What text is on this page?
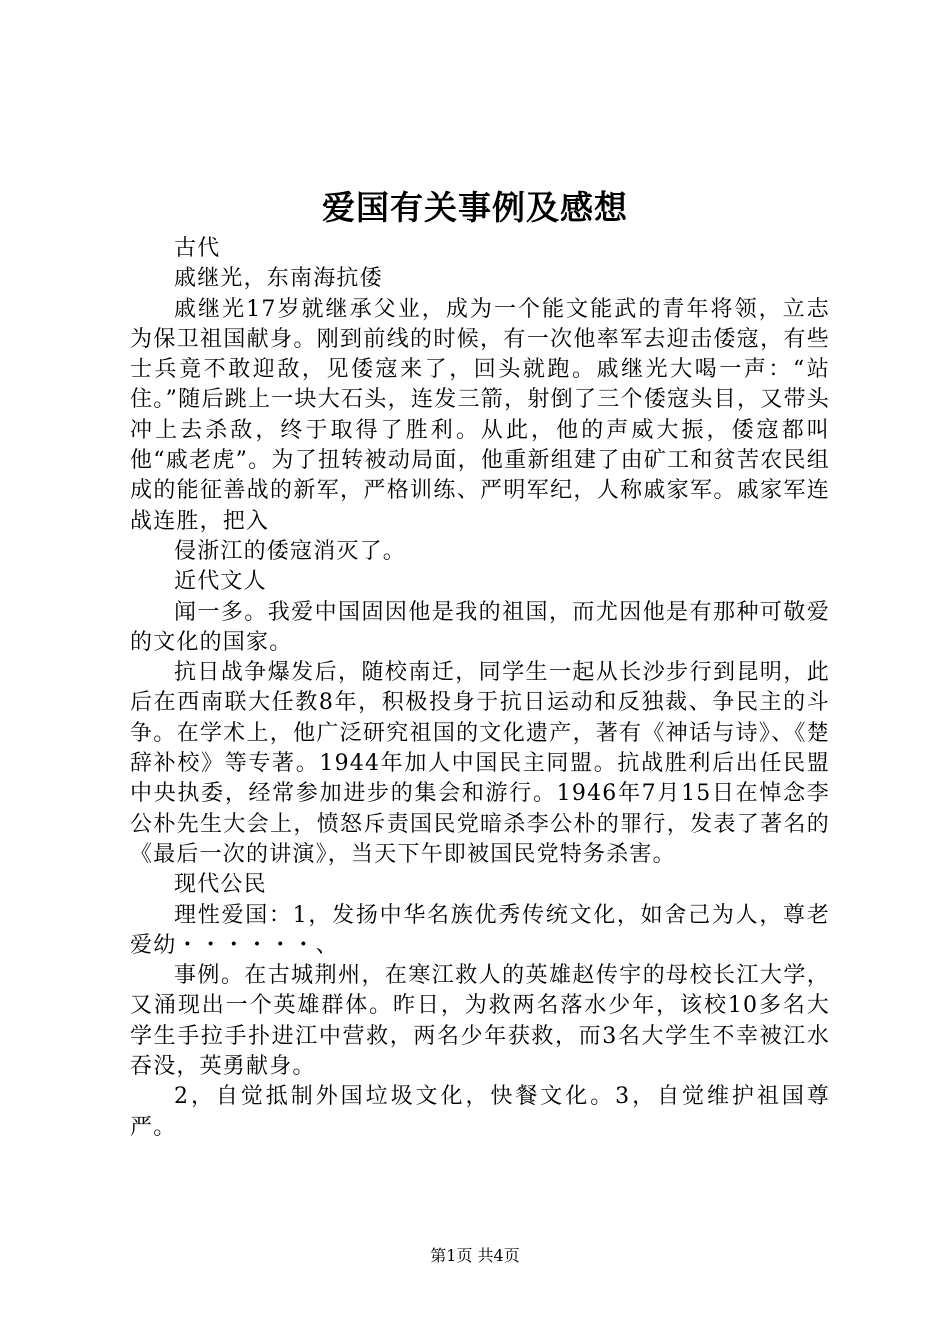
爱国有关事例及感想

古代

戚继光，东南海抗倭

戚继光17岁就继承父业，成为一个能文能武的青年将领，立志为保卫祖国献身。刚到前线的时候，有一次他率军去迎击倭寇，有些士兵竟不敢迎敌，见倭寇来了，回头就跑。戚继光大喝一声：“站住。”随后跳上一块大石头，连发三箭，射倒了三个倭寇头目，又带头冲上去杀敌，终于取得了胜利。从此，他的声威大振，倭寇都叫他“戚老虎”。为了扭转被动局面，他重新组建了由矿工和贫苦农民组成的能征善战的新军，严格训练、严明军纪，人称戚家军。戚家军连战连胜，把入

侵浙江的倭寇消灭了。

近代文人

闻一多。我爱中国固因他是我的祖国，而尤因他是有那种可敬爱的文化的国家。

抗日战争爆发后，随校南迁，同学生一起从长沙步行到昆明，此后在西南联大任教8年，积极投身于抗日运动和反独裁、争民主的斗争。在学术上，他广泛研究祖国的文化遗产，著有《神话与诗》、《楚辞补校》等专著。1944年加人中国民主同盟。抗战胜利后出任民盟中央执委，经常参加进步的集会和游行。1946年7月15日在悼念李公朴先生大会上，愤怒斥责国民党暗杀李公朴的罪行，发表了著名的《最后一次的讲演》，当天下午即被国民党特务杀害。

现代公民

理性爱国：1，发扬中华名族优秀传统文化，如舍己为人，尊老爱幼・・・・・・、

事例。在古城荆州，在寒江救人的英雄赵传宇的母校长江大学，又涌现出一个英雄群体。昨日，为救两名落水少年，该校10多名大学生手拉手扑进江中营救，两名少年获救，而3名大学生不幸被江水吞没，英勇献身。

2，自觉抵制外国垃圾文化，快餐文化。3，自觉维护祖国尊严。

第1页 共4页
